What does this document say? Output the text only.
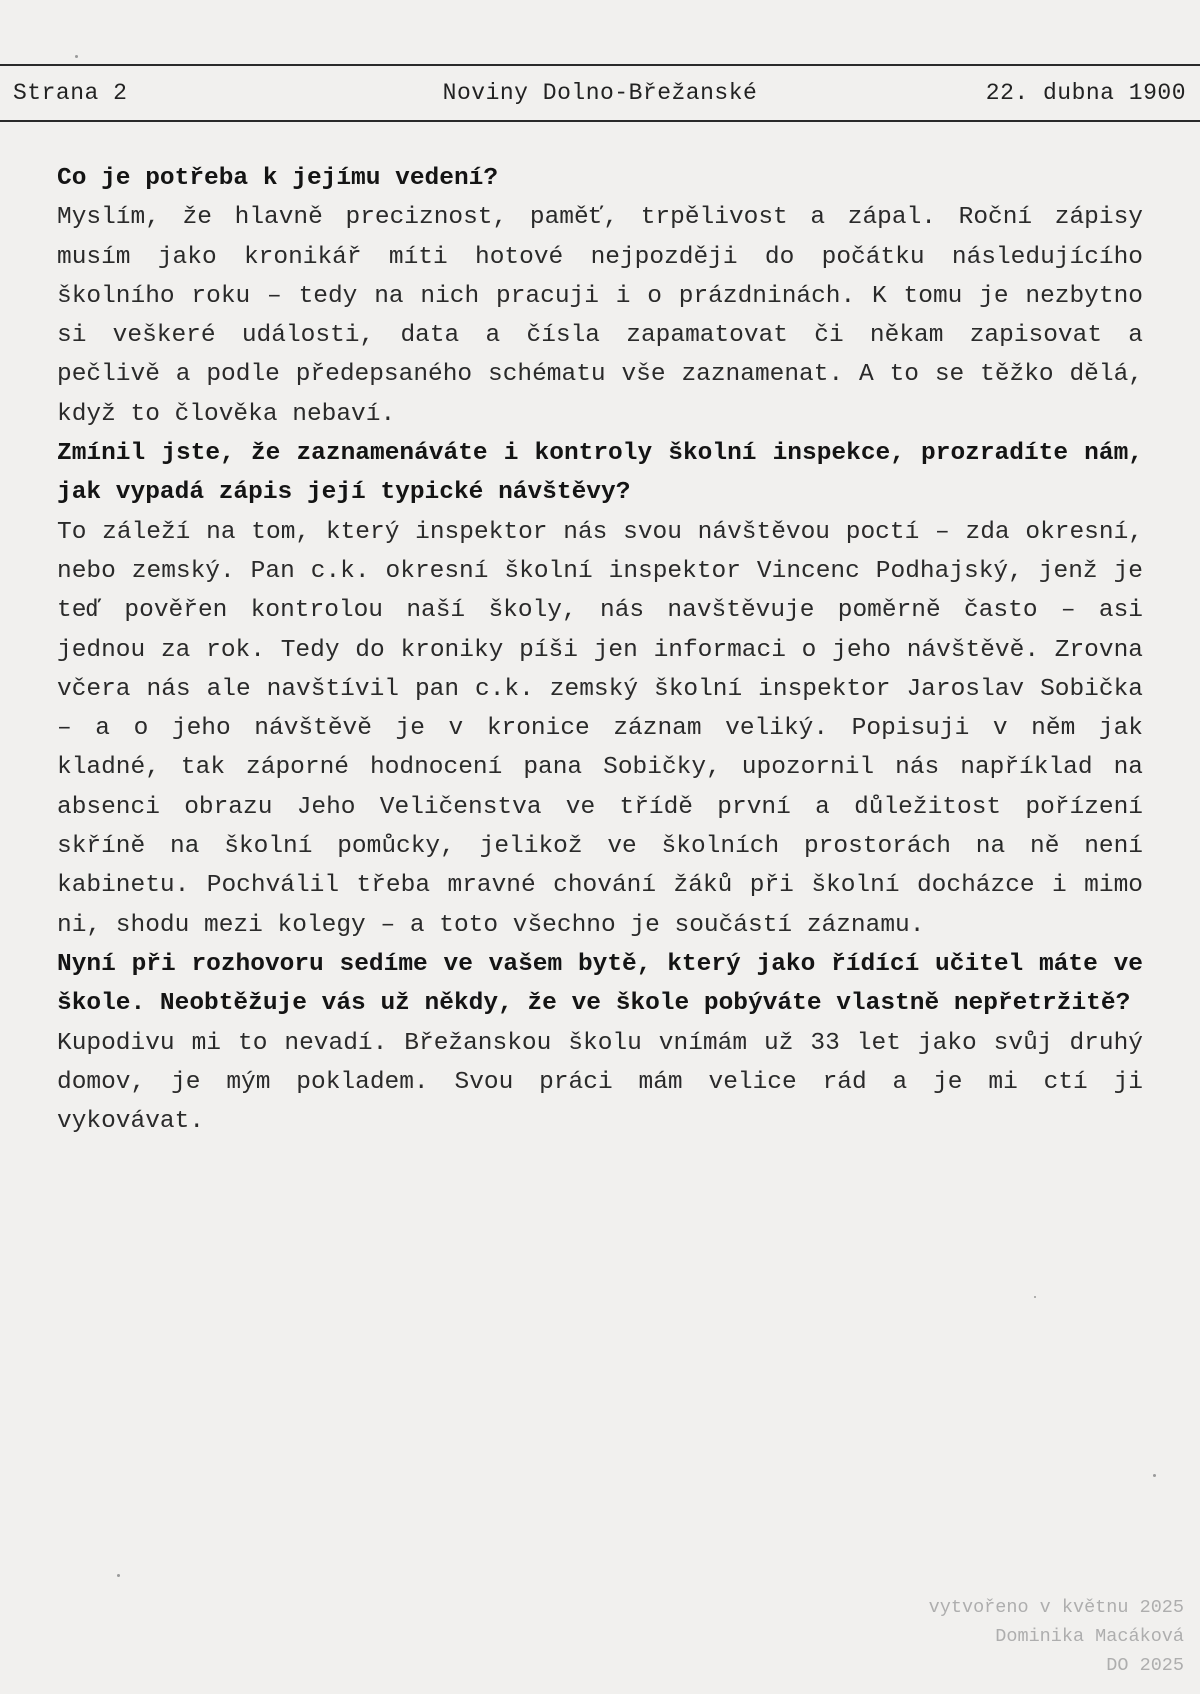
Strana 2	Noviny Dolno-Břežanské	22. dubna 1900

Co je potřeba k jejímu vedení?

Myslím, že hlavně preciznost, paměť, trpělivost a zápal. Roční zápisy musím jako kronikář míti hotové nejpozději do počátku následujícího školního roku – tedy na nich pracuji i o prázdninách. K tomu je nezbytno si veškeré události, data a čísla zapamatovat či někam zapisovat a pečlivě a podle předepsaného schématu vše zaznamenat. A to se těžko dělá, když to člověka nebaví.

Zmínil jste, že zaznamenáváte i kontroly školní inspekce, prozradíte nám, jak vypadá zápis její typické návštěvy?

To záleží na tom, který inspektor nás svou návštěvou poctí – zda okresní, nebo zemský. Pan c.k. okresní školní inspektor Vincenc Podhajský, jenž je teď pověřen kontrolou naší školy, nás navštěvuje poměrně často – asi jednou za rok. Tedy do kroniky píši jen informaci o jeho návštěvě. Zrovna včera nás ale navštívil pan c.k. zemský školní inspektor Jaroslav Sobička – a o jeho návštěvě je v kronice záznam veliký. Popisuji v něm jak kladné, tak záporné hodnocení pana Sobičky, upozornil nás například na absenci obrazu Jeho Veličenstva ve třídě první a důležitost pořízení skříně na školní pomůcky, jelikož ve školních prostorách na ně není kabinetu. Pochválil třeba mravné chování žáků při školní docházce i mimo ni, shodu mezi kolegy – a toto všechno je součástí záznamu.

Nyní při rozhovoru sedíme ve vašem bytě, který jako řídící učitel máte ve škole. Neobtěžuje vás už někdy, že ve škole pobýváte vlastně nepřetržitě?

Kupodivu mi to nevadí. Břežanskou školu vnímám už 33 let jako svůj druhý domov, je mým pokladem. Svou práci mám velice rád a je mi ctí ji vykovávat.

vytvořeno v květnu 2025
Dominika Macáková
DO 2025
